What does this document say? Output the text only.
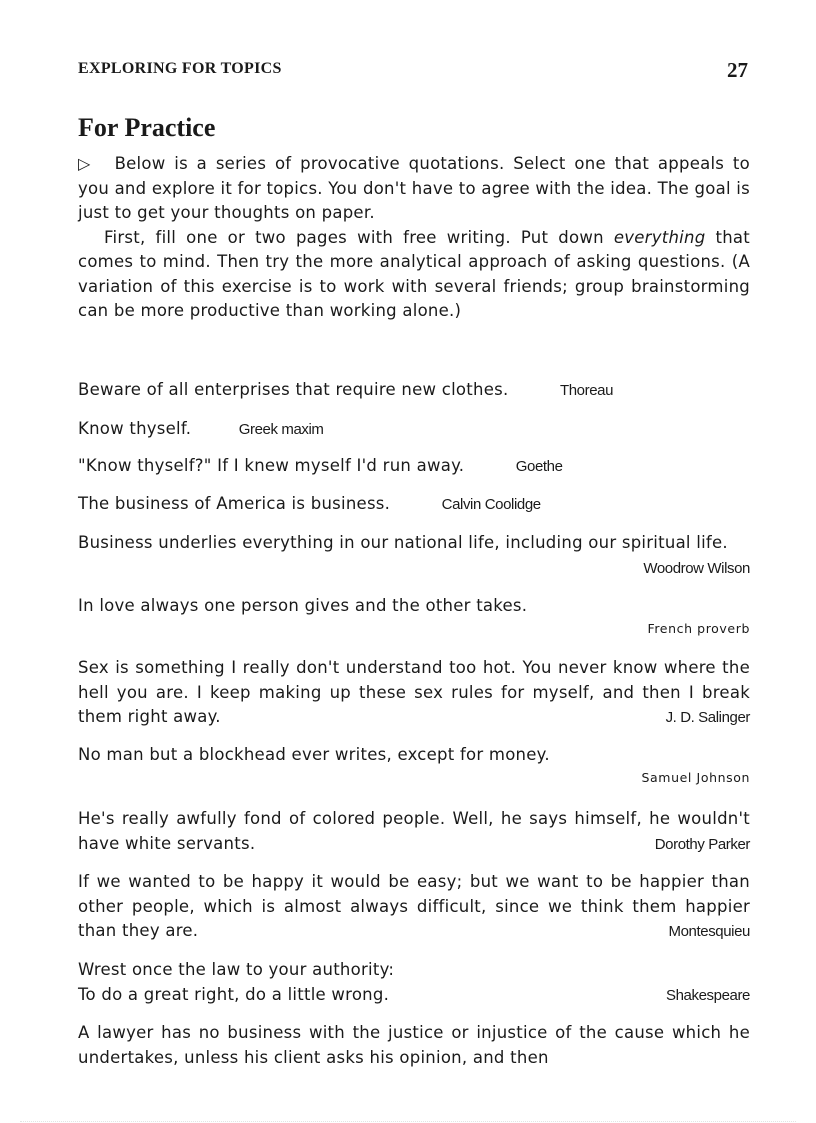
EXPLORING FOR TOPICS	27
For Practice

▷ Below is a series of provocative quotations. Select one that appeals to you and explore it for topics. You don't have to agree with the idea. The goal is just to get your thoughts on paper.

First, fill one or two pages with free writing. Put down everything that comes to mind. Then try the more analytical approach of asking questions. (A variation of this exercise is to work with several friends; group brainstorming can be more productive than working alone.)

Beware of all enterprises that require new clothes.	Thoreau
Know thyself.	Greek maxim
"Know thyself?" If I knew myself I'd run away.	Goethe
The business of America is business.	Calvin Coolidge
Business underlies everything in our national life, including our spiritual life.
Woodrow Wilson
In love always one person gives and the other takes.
French proverb
Sex is something I really don't understand too hot. You never know where the hell you are. I keep making up these sex rules for myself, and then I break them right away.	J. D. Salinger
No man but a blockhead ever writes, except for money.
Samuel Johnson
He's really awfully fond of colored people. Well, he says himself, he wouldn't have white servants.	Dorothy Parker
If we wanted to be happy it would be easy; but we want to be happier than other people, which is almost always difficult, since we think them happier than they are.	Montesquieu
Wrest once the law to your authority:
To do a great right, do a little wrong.	Shakespeare
A lawyer has no business with the justice or injustice of the cause which he undertakes, unless his client asks his opinion, and then
